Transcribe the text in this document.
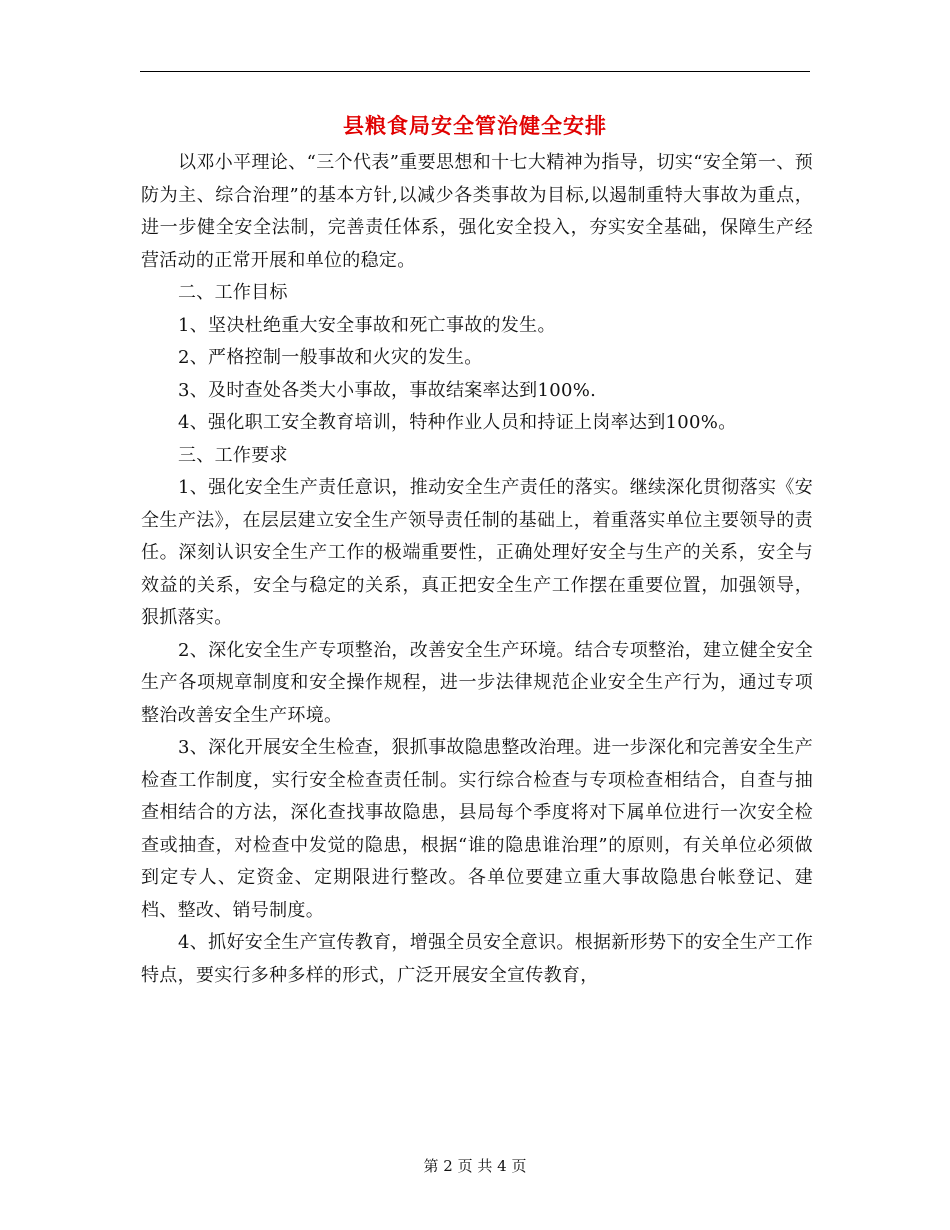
县粮食局安全管治健全安排

以邓小平理论、“三个代表”重要思想和十七大精神为指导，切实“安全第一、预防为主、综合治理”的基本方针,以减少各类事故为目标,以遏制重特大事故为重点，进一步健全安全法制，完善责任体系，强化安全投入，夯实安全基础，保障生产经营活动的正常开展和单位的稳定。

二、工作目标

1、坚决杜绝重大安全事故和死亡事故的发生。

2、严格控制一般事故和火灾的发生。

3、及时查处各类大小事故，事故结案率达到100%.

4、强化职工安全教育培训，特种作业人员和持证上岗率达到100%。

三、工作要求

1、强化安全生产责任意识，推动安全生产责任的落实。继续深化贯彻落实《安全生产法》，在层层建立安全生产领导责任制的基础上，着重落实单位主要领导的责任。深刻认识安全生产工作的极端重要性，正确处理好安全与生产的关系，安全与效益的关系，安全与稳定的关系，真正把安全生产工作摆在重要位置，加强领导，狠抓落实。

2、深化安全生产专项整治，改善安全生产环境。结合专项整治，建立健全安全生产各项规章制度和安全操作规程，进一步法律规范企业安全生产行为，通过专项整治改善安全生产环境。

3、深化开展安全生检查，狠抓事故隐患整改治理。进一步深化和完善安全生产检查工作制度，实行安全检查责任制。实行综合检查与专项检查相结合，自查与抽查相结合的方法，深化查找事故隐患，县局每个季度将对下属单位进行一次安全检查或抽查，对检查中发觉的隐患，根据“谁的隐患谁治理”的原则，有关单位必须做到定专人、定资金、定期限进行整改。各单位要建立重大事故隐患台帐登记、建档、整改、销号制度。

4、抓好安全生产宣传教育，增强全员安全意识。根据新形势下的安全生产工作特点，要实行多种多样的形式，广泛开展安全宣传教育，

第 2 页 共 4 页
